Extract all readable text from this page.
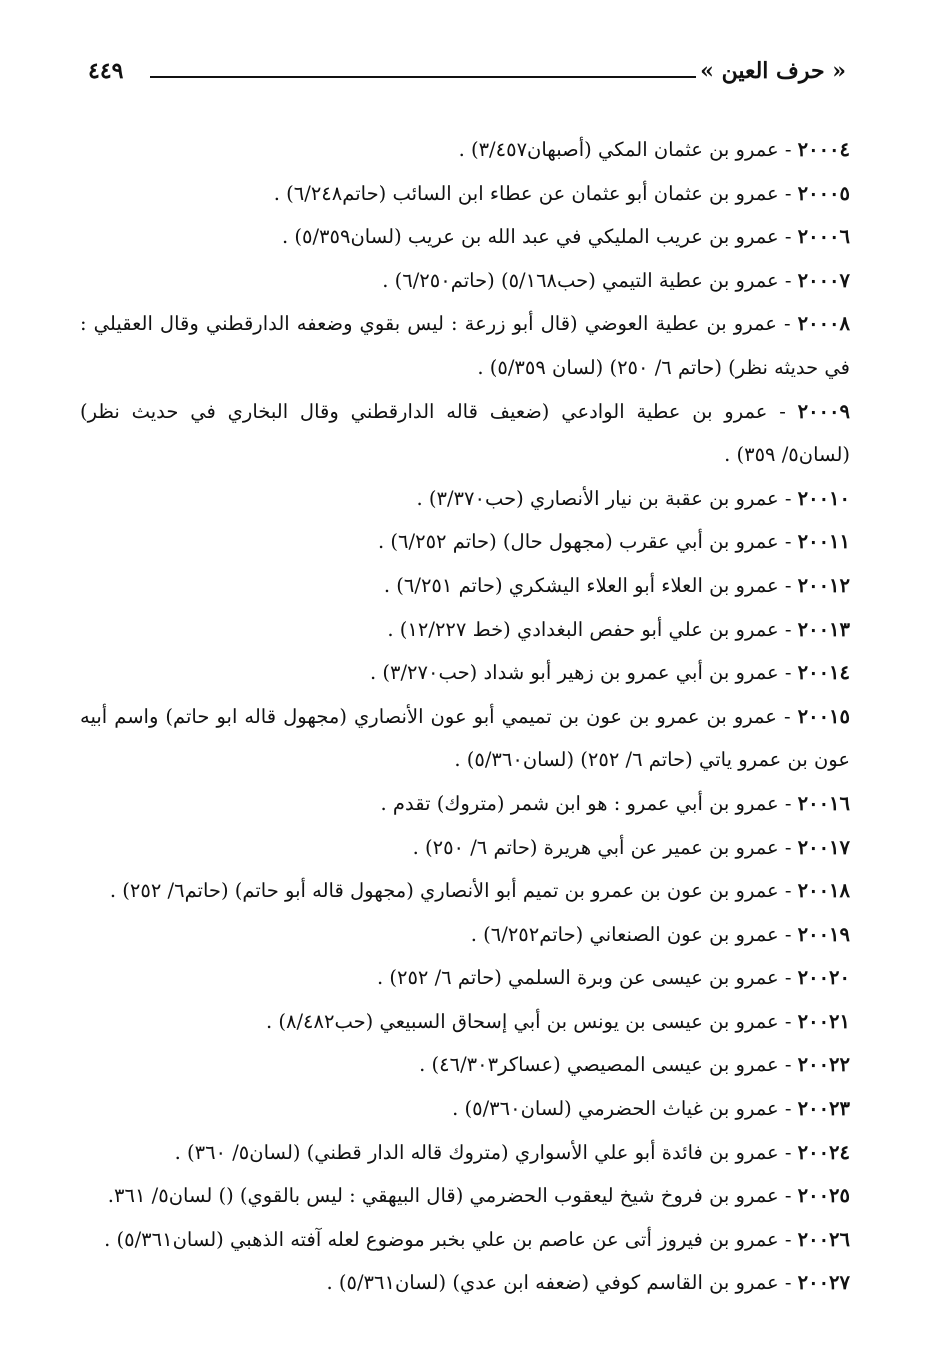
« حرف العين »
٤٤٩
٢٠٠٠٤ - عمرو بن عثمان المكي (أصبهان٣/٤٥٧) .
٢٠٠٠٥ - عمرو بن عثمان أبو عثمان عن عطاء ابن السائب (حاتم٦/٢٤٨) .
٢٠٠٠٦ - عمرو بن عريب المليكي في عبد الله بن عريب (لسان٥/٣٥٩) .
٢٠٠٠٧ - عمرو بن عطية التيمي (حب٥/١٦٨) (حاتم٦/٢٥٠) .
٢٠٠٠٨ - عمرو بن عطية العوضي (قال أبو زرعة : ليس بقوي وضعفه الدارقطني وقال العقيلي : في حديثه نظر) (حاتم ٦/ ٢٥٠) (لسان ٥/٣٥٩) .
٢٠٠٠٩ - عمرو بن عطية الوادعي (ضعيف قاله الدارقطني وقال البخاري في حديث نظر) (لسان٥/ ٣٥٩) .
٢٠٠١٠ - عمرو بن عقبة بن نيار الأنصاري (حب٣/٣٧٠) .
٢٠٠١١ - عمرو بن أبي عقرب (مجهول حال) (حاتم ٦/٢٥٢) .
٢٠٠١٢ - عمرو بن العلاء أبو العلاء اليشكري (حاتم ٦/٢٥١) .
٢٠٠١٣ - عمرو بن علي أبو حفص البغدادي (خط ١٢/٢٢٧) .
٢٠٠١٤ - عمرو بن أبي عمرو بن زهير أبو شداد (حب٣/٢٧٠) .
٢٠٠١٥ - عمرو بن عمرو بن عون بن تميمي أبو عون الأنصاري (مجهول قاله ابو حاتم) واسم أبيه عون بن عمرو ياتي (حاتم ٦/ ٢٥٢) (لسان٥/٣٦٠) .
٢٠٠١٦ - عمرو بن أبي عمرو : هو ابن شمر (متروك) تقدم .
٢٠٠١٧ - عمرو بن عمير عن أبي هريرة (حاتم ٦/ ٢٥٠) .
٢٠٠١٨ - عمرو بن عون بن عمرو بن تميم أبو الأنصاري (مجهول قاله أبو حاتم) (حاتم٦/ ٢٥٢) .
٢٠٠١٩ - عمرو بن عون الصنعاني (حاتم٦/٢٥٢) .
٢٠٠٢٠ - عمرو بن عيسى عن وبرة السلمي (حاتم ٦/ ٢٥٢) .
٢٠٠٢١ - عمرو بن عيسى بن يونس بن أبي إسحاق السبيعي (حب٨/٤٨٢) .
٢٠٠٢٢ - عمرو بن عيسى المصيصي (عساكر٤٦/٣٠٣) .
٢٠٠٢٣ - عمرو بن غياث الحضرمي (لسان٥/٣٦٠) .
٢٠٠٢٤ - عمرو بن فائدة أبو علي الأسواري (متروك قاله الدار قطني) (لسان٥/ ٣٦٠) .
٢٠٠٢٥ - عمرو بن فروخ شيخ ليعقوب الحضرمي (قال البيهقي : ليس بالقوي) () لسان٥/ ٣٦١.
٢٠٠٢٦ - عمرو بن فيروز أتى عن عاصم بن علي بخبر موضوع لعله آفته الذهبي (لسان٥/٣٦١) .
٢٠٠٢٧ - عمرو بن القاسم كوفي (ضعفه ابن عدي) (لسان٥/٣٦١) .
